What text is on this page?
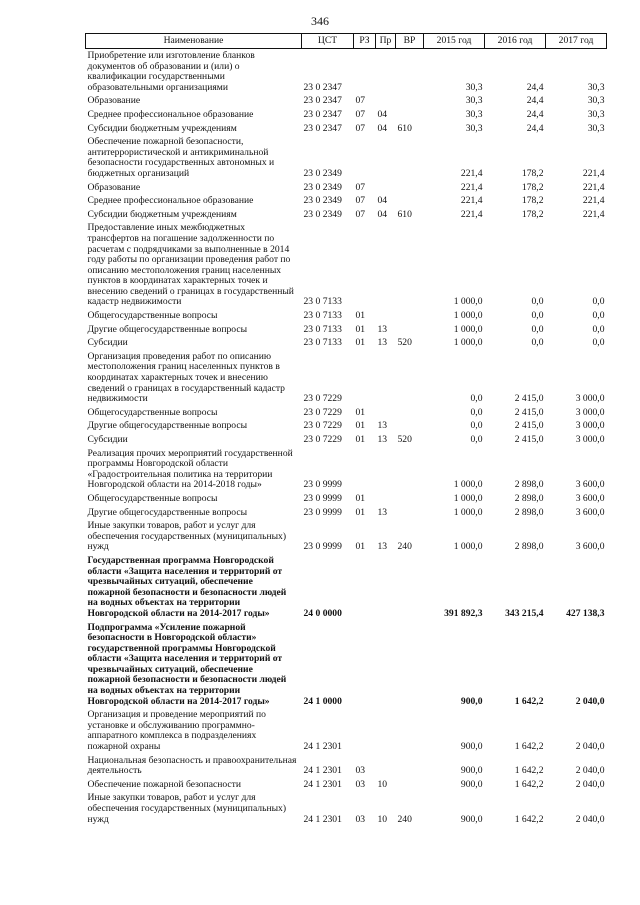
346
Наименование	ЦСТ	РЗ	Пр	ВР	2015 год	2016 год	2017 год
Приобретение или изготовление бланков документов об образовании и (или) о квалификации государственными образовательными организациями	23 0 2347				30,3	24,4	30,3
Образование	23 0 2347	07			30,3	24,4	30,3
Среднее профессиональное образование	23 0 2347	07	04		30,3	24,4	30,3
Субсидии бюджетным учреждениям	23 0 2347	07	04	610	30,3	24,4	30,3
Обеспечение пожарной безопасности, антитеррористической и антикриминальной безопасности государственных автономных и бюджетных организаций	23 0 2349				221,4	178,2	221,4
Образование	23 0 2349	07			221,4	178,2	221,4
Среднее профессиональное образование	23 0 2349	07	04		221,4	178,2	221,4
Субсидии бюджетным учреждениям	23 0 2349	07	04	610	221,4	178,2	221,4
Предоставление иных межбюджетных трансфертов на погашение задолженности по расчетам с подрядчиками за выполненные в 2014 году работы по организации проведения работ по описанию местоположения границ населенных пунктов в координатах характерных точек и внесению сведений о границах в государственный кадастр недвижимости	23 0 7133				1 000,0	0,0	0,0
Общегосударственные вопросы	23 0 7133	01			1 000,0	0,0	0,0
Другие общегосударственные вопросы	23 0 7133	01	13		1 000,0	0,0	0,0
Субсидии	23 0 7133	01	13	520	1 000,0	0,0	0,0
Организация проведения работ по описанию местоположения границ населенных пунктов в координатах характерных точек и внесению сведений о границах в государственный кадастр недвижимости	23 0 7229				0,0	2 415,0	3 000,0
Общегосударственные вопросы	23 0 7229	01			0,0	2 415,0	3 000,0
Другие общегосударственные вопросы	23 0 7229	01	13		0,0	2 415,0	3 000,0
Субсидии	23 0 7229	01	13	520	0,0	2 415,0	3 000,0
Реализация прочих мероприятий государственной программы Новгородской области «Градостроительная политика на территории Новгородской области на 2014-2018 годы»	23 0 9999				1 000,0	2 898,0	3 600,0
Общегосударственные вопросы	23 0 9999	01			1 000,0	2 898,0	3 600,0
Другие общегосударственные вопросы	23 0 9999	01	13		1 000,0	2 898,0	3 600,0
Иные закупки товаров, работ и услуг для обеспечения государственных (муниципальных) нужд	23 0 9999	01	13	240	1 000,0	2 898,0	3 600,0
Государственная программа Новгородской области «Защита населения и территорий от чрезвычайных ситуаций, обеспечение пожарной безопасности и безопасности людей на водных объектах на территории Новгородской области на 2014-2017 годы»	24 0 0000				391 892,3	343 215,4	427 138,3
Подпрограмма «Усиление пожарной безопасности в Новгородской области» государственной программы Новгородской области «Защита населения и территорий от чрезвычайных ситуаций, обеспечение пожарной безопасности и безопасности людей на водных объектах на территории Новгородской области на 2014-2017 годы»	24 1 0000				900,0	1 642,2	2 040,0
Организация и проведение мероприятий по установке и обслуживанию программно-аппаратного комплекса в подразделениях пожарной охраны	24 1 2301				900,0	1 642,2	2 040,0
Национальная безопасность и правоохранительная деятельность	24 1 2301	03			900,0	1 642,2	2 040,0
Обеспечение пожарной безопасности	24 1 2301	03	10		900,0	1 642,2	2 040,0
Иные закупки товаров, работ и услуг для обеспечения государственных (муниципальных) нужд	24 1 2301	03	10	240	900,0	1 642,2	2 040,0
